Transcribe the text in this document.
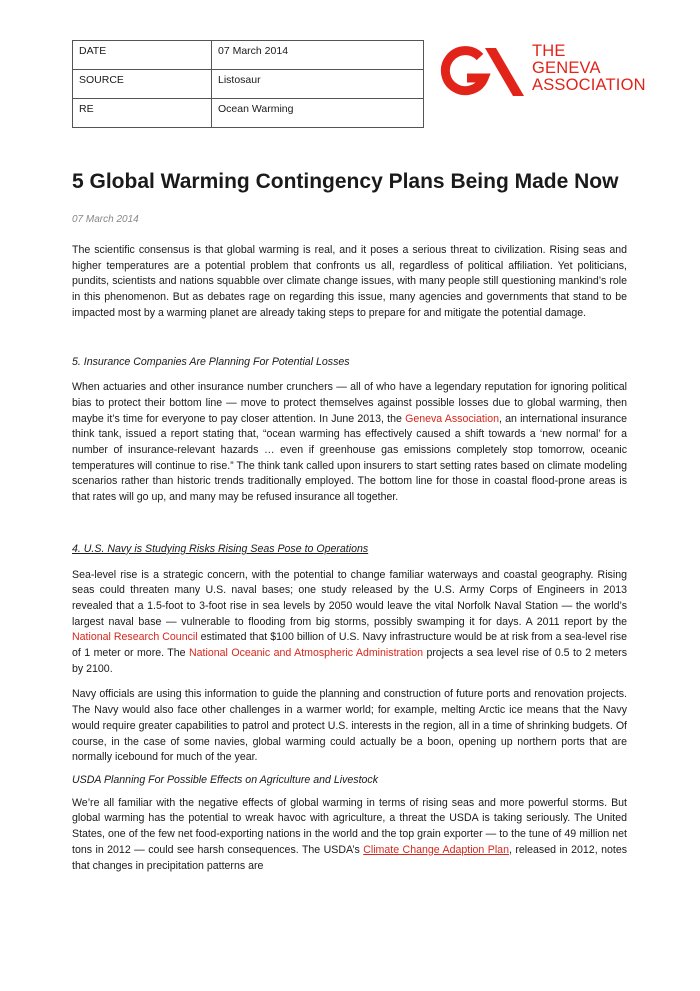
DATE	07 March 2014
SOURCE	Listosaur
RE	Ocean Warming
THE
GENEVA
ASSOCIATION
5 Global Warming Contingency Plans Being Made Now

07 March 2014

The scientific consensus is that global warming is real, and it poses a serious threat to civilization. Rising seas and higher temperatures are a potential problem that confronts us all, regardless of political affiliation. Yet politicians, pundits, scientists and nations squabble over climate change issues, with many people still questioning mankind’s role in this phenomenon. But as debates rage on regarding this issue, many agencies and governments that stand to be impacted most by a warming planet are already taking steps to prepare for and mitigate the potential damage.

5. Insurance Companies Are Planning For Potential Losses

When actuaries and other insurance number crunchers — all of who have a legendary reputation for ignoring political bias to protect their bottom line — move to protect themselves against possible losses due to global warming, then maybe it’s time for everyone to pay closer attention. In June 2013, the Geneva Association, an international insurance think tank, issued a report stating that, “ocean warming has effectively caused a shift towards a ‘new normal’ for a number of insurance-relevant hazards … even if greenhouse gas emissions completely stop tomorrow, oceanic temperatures will continue to rise.” The think tank called upon insurers to start setting rates based on climate modeling scenarios rather than historic trends traditionally employed. The bottom line for those in coastal flood-prone areas is that rates will go up, and many may be refused insurance all together.

4. U.S. Navy is Studying Risks Rising Seas Pose to Operations

Sea-level rise is a strategic concern, with the potential to change familiar waterways and coastal geography. Rising seas could threaten many U.S. naval bases; one study released by the U.S. Army Corps of Engineers in 2013 revealed that a 1.5-foot to 3-foot rise in sea levels by 2050 would leave the vital Norfolk Naval Station — the world’s largest naval base — vulnerable to flooding from big storms, possibly swamping it for days. A 2011 report by the National Research Council estimated that $100 billion of U.S. Navy infrastructure would be at risk from a sea-level rise of 1 meter or more. The National Oceanic and Atmospheric Administration projects a sea level rise of 0.5 to 2 meters by 2100.

Navy officials are using this information to guide the planning and construction of future ports and renovation projects. The Navy would also face other challenges in a warmer world; for example, melting Arctic ice means that the Navy would require greater capabilities to patrol and protect U.S. interests in the region, all in a time of shrinking budgets. Of course, in the case of some navies, global warming could actually be a boon, opening up northern ports that are normally icebound for much of the year.

USDA Planning For Possible Effects on Agriculture and Livestock

We’re all familiar with the negative effects of global warming in terms of rising seas and more powerful storms. But global warming has the potential to wreak havoc with agriculture, a threat the USDA is taking seriously. The United States, one of the few net food-exporting nations in the world and the top grain exporter — to the tune of 49 million net tons in 2012 — could see harsh consequences. The USDA’s Climate Change Adaption Plan, released in 2012, notes that changes in precipitation patterns are
